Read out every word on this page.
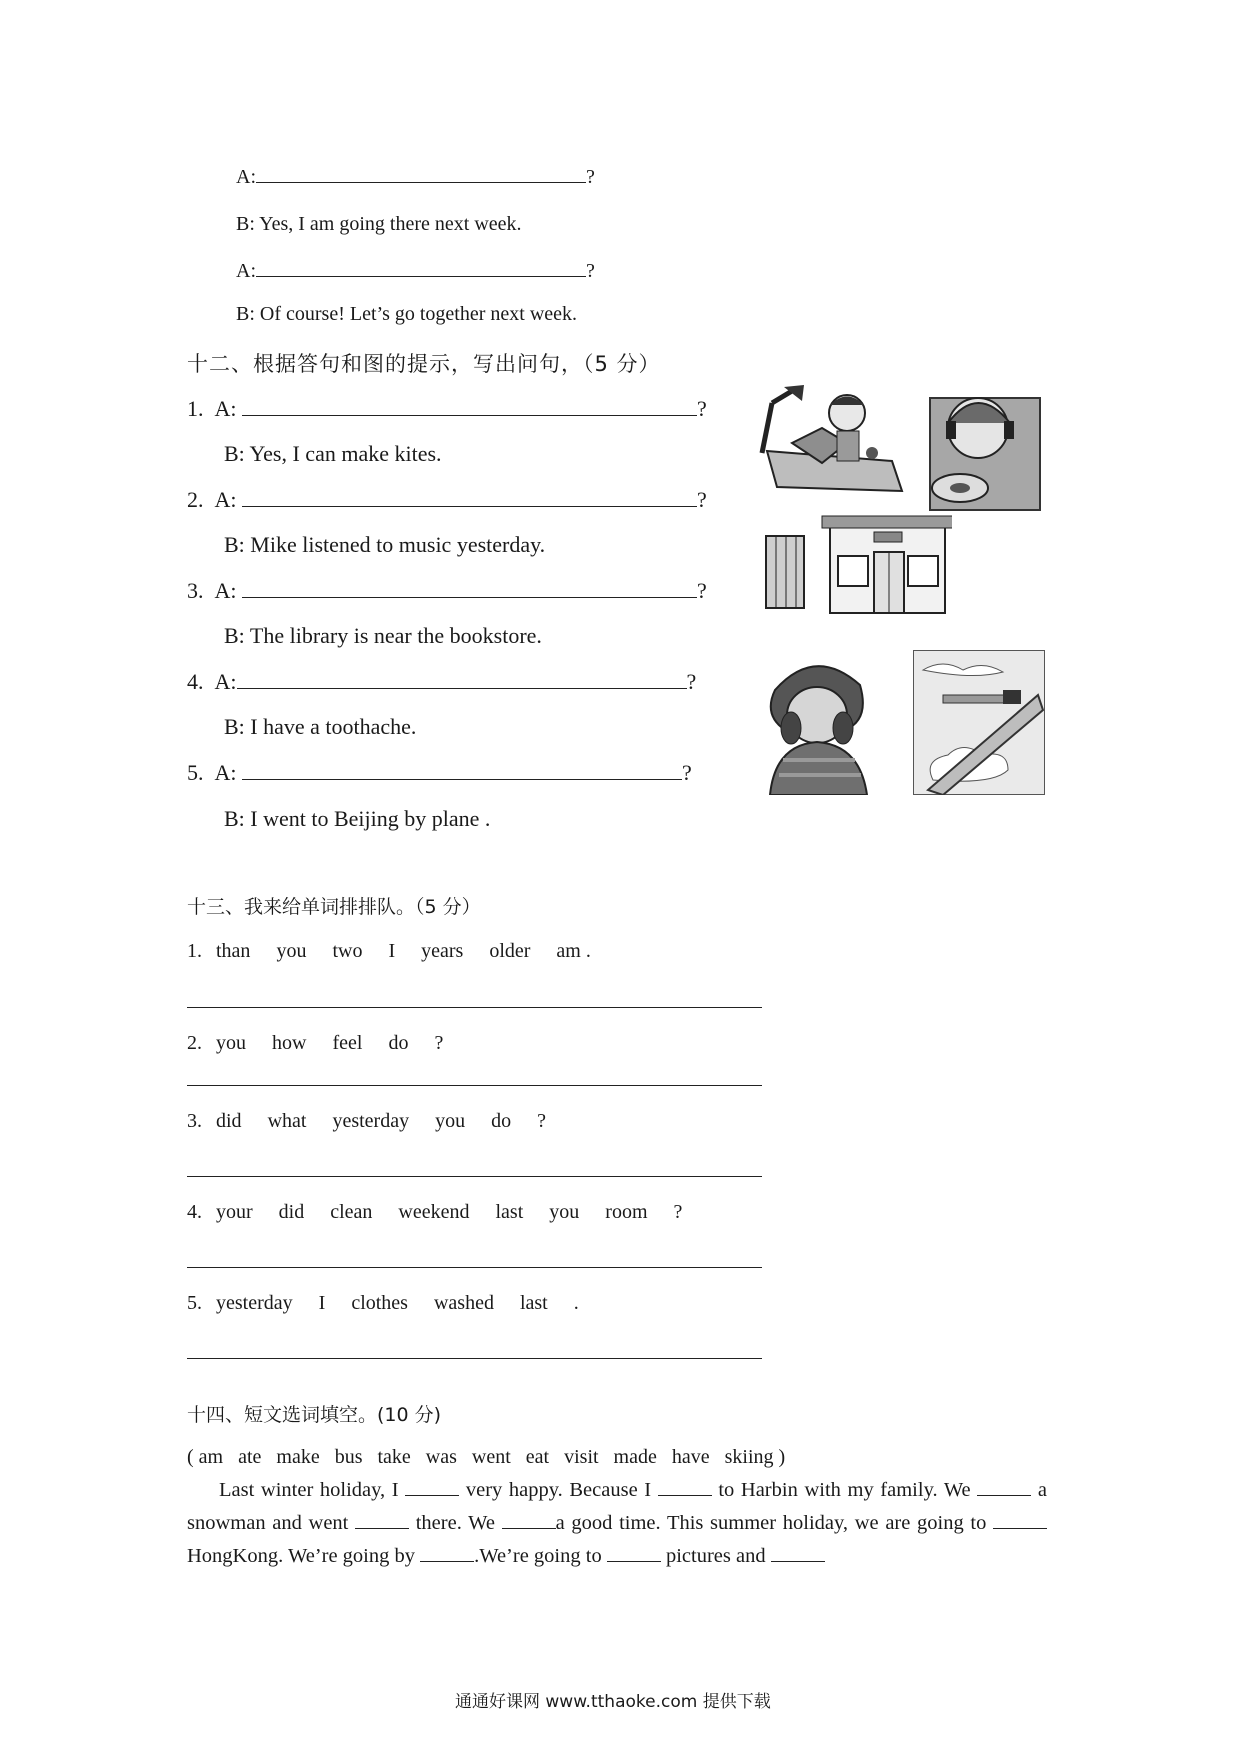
A:	?
B: Yes, I am going there next week.
A:	?
B: Of course! Let’s go together next week.
十二、根据答句和图的提示，写出问句，（5 分）
1. A:	?
B: Yes, I can make kites.
2. A:	?
B: Mike listened to music yesterday.
3. A:	?
B: The library is near the bookstore.
4. A:	?
B: I have a toothache.
5. A:	?
B: I went to Beijing by plane .
十三、我来给单词排排队。（5 分）
1. than you two I years older am .
2. you how feel do ?
3. did what yesterday you do ?
4. your did clean weekend last you room ?
5. yesterday I clothes washed last .
十四、短文选词填空。(10 分)
( am   ate   make   bus   take   was   went   eat   visit   made   have   skiing )
Last winter holiday, I	very happy. Because I	to Harbin with my family. We	a snowman and went	there. We	a good time. This summer holiday, we are going to  HongKong. We’re going by	.We’re going to	pictures and
通通好课网 www.tthaoke.com 提供下载
